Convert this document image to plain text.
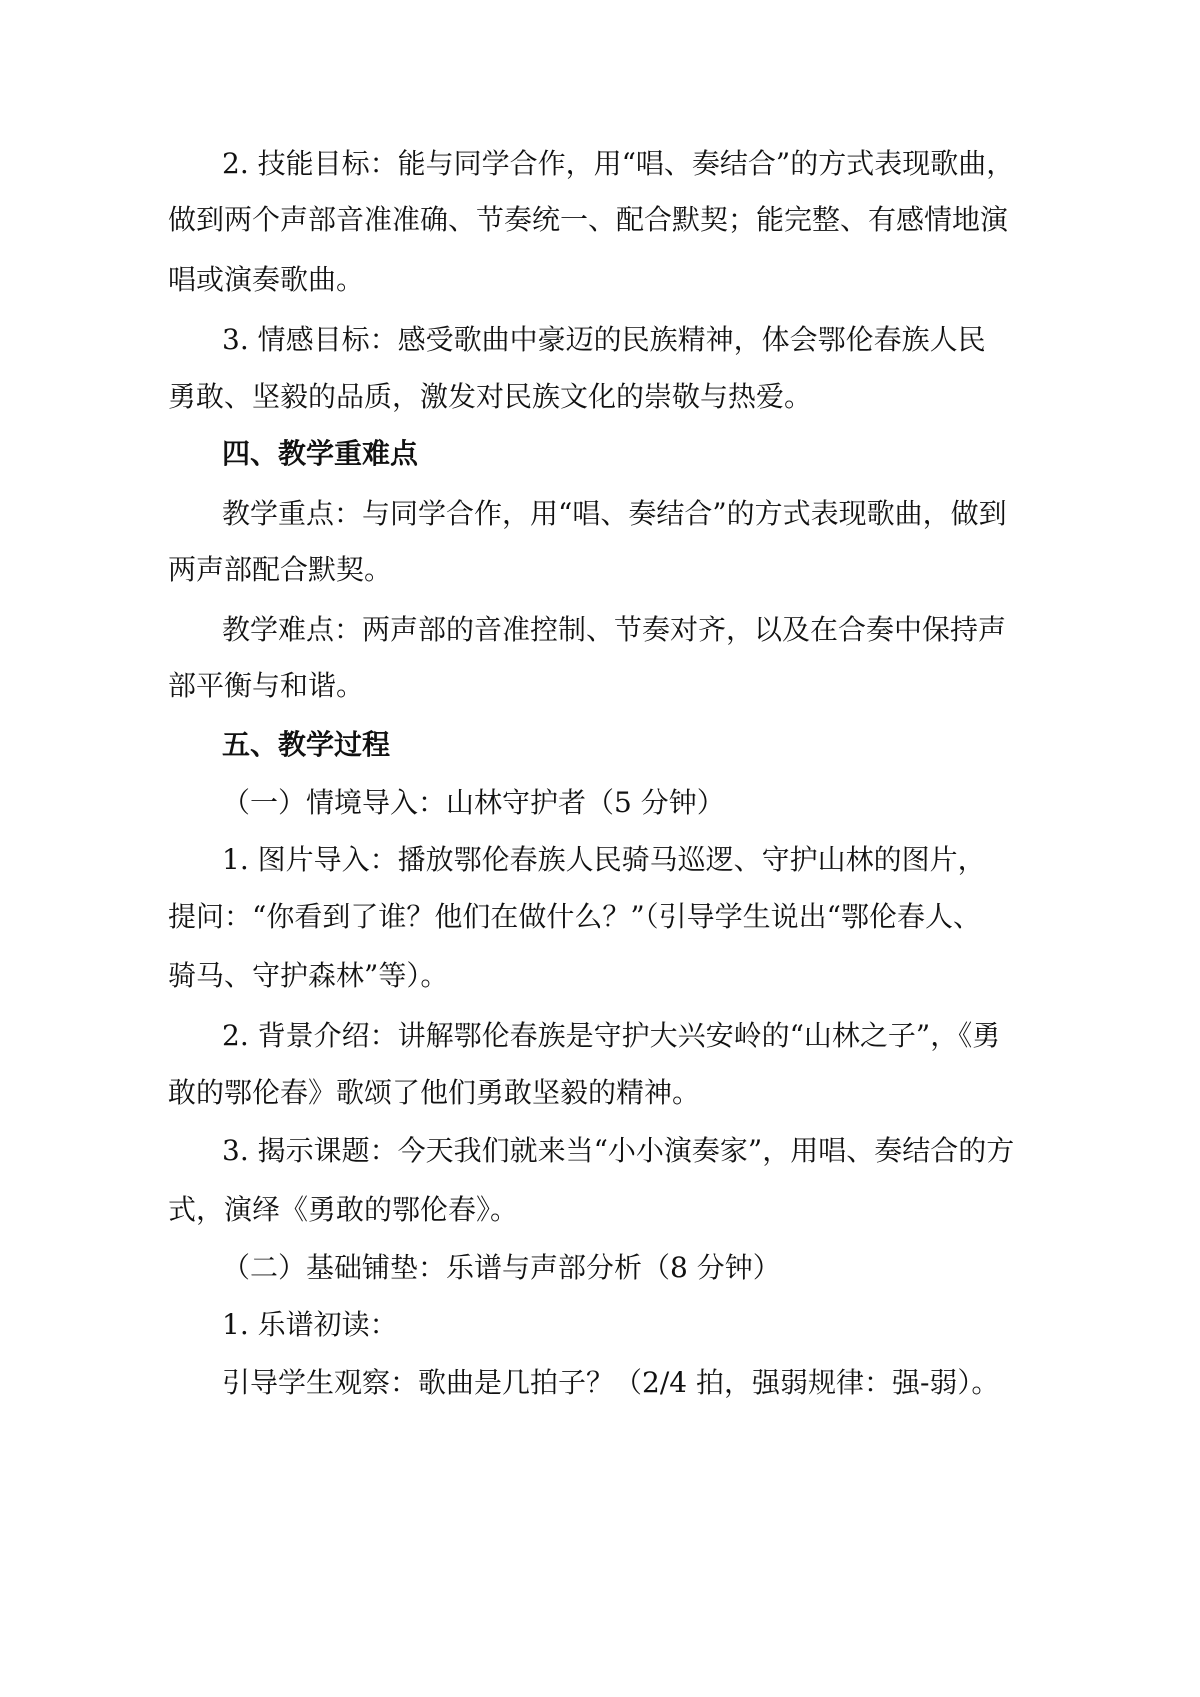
2. 技能目标：能与同学合作，用“唱、奏结合”的方式表现歌曲，
做到两个声部音准准确、节奏统一、配合默契；能完整、有感情地演
唱或演奏歌曲。
3. 情感目标：感受歌曲中豪迈的民族精神，体会鄂伦春族人民
勇敢、坚毅的品质，激发对民族文化的崇敬与热爱。
四、教学重难点
教学重点：与同学合作，用“唱、奏结合”的方式表现歌曲，做到
两声部配合默契。
教学难点：两声部的音准控制、节奏对齐，以及在合奏中保持声
部平衡与和谐。
五、教学过程
（一）情境导入：山林守护者（5 分钟）
1. 图片导入：播放鄂伦春族人民骑马巡逻、守护山林的图片，
提问：“你看到了谁？他们在做什么？”（引导学生说出“鄂伦春人、
骑马、守护森林”等）。
2. 背景介绍：讲解鄂伦春族是守护大兴安岭的“山林之子”，《勇
敢的鄂伦春》歌颂了他们勇敢坚毅的精神。
3. 揭示课题：今天我们就来当“小小演奏家”，用唱、奏结合的方
式，演绎《勇敢的鄂伦春》。
（二）基础铺垫：乐谱与声部分析（8 分钟）
1. 乐谱初读：
引导学生观察：歌曲是几拍子？（2/4 拍，强弱规律：强-弱）。
